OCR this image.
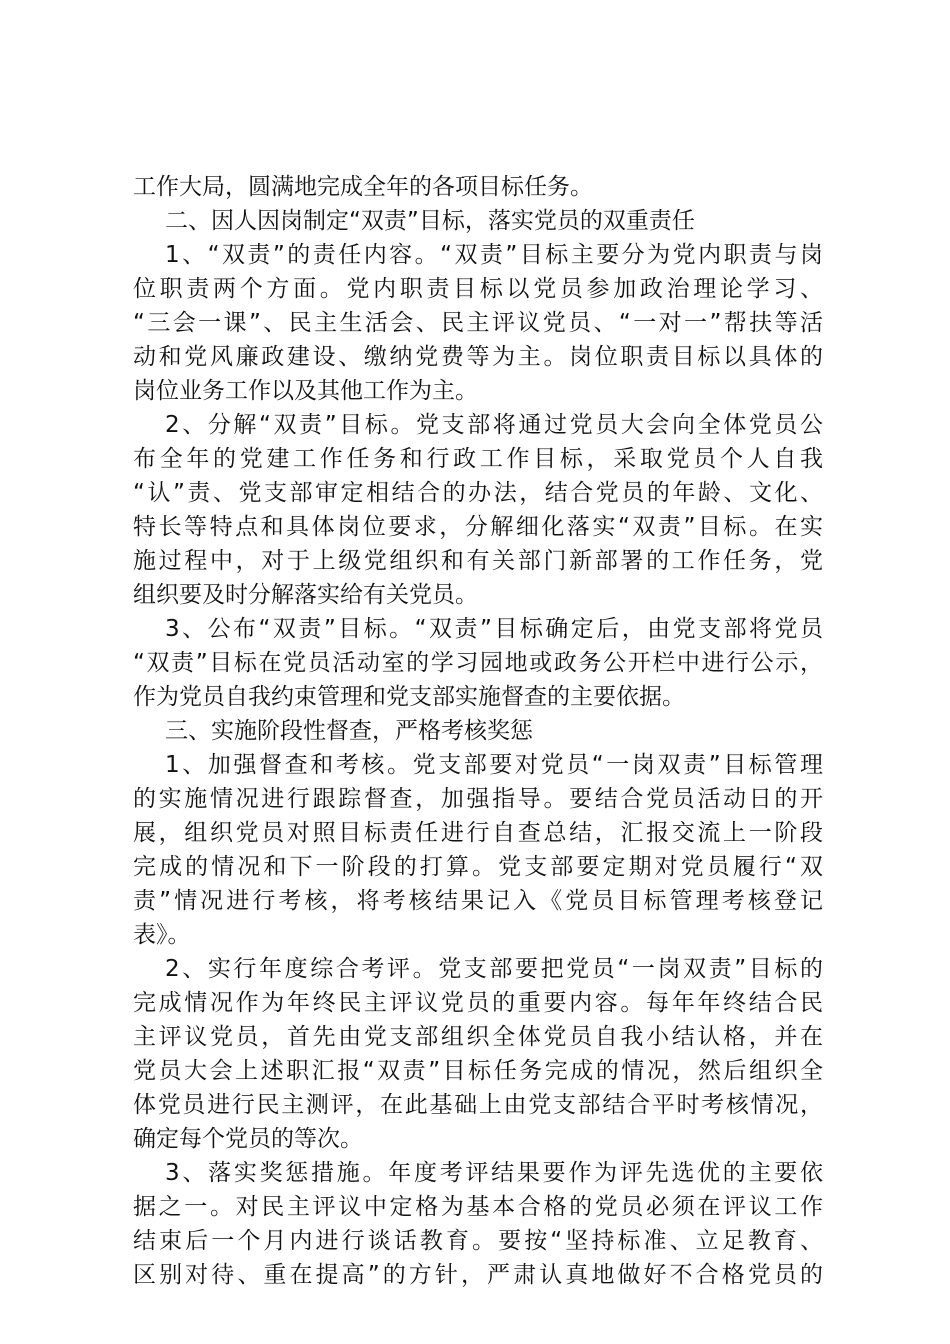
工作大局，圆满地完成全年的各项目标任务。
二、因人因岗制定“双责”目标，落实党员的双重责任
1、“双责”的责任内容。“双责”目标主要分为党内职责与岗
位职责两个方面。党内职责目标以党员参加政治理论学习、
“三会一课”、民主生活会、民主评议党员、“一对一”帮扶等活
动和党风廉政建设、缴纳党费等为主。岗位职责目标以具体的
岗位业务工作以及其他工作为主。
2、分解“双责”目标。党支部将通过党员大会向全体党员公
布全年的党建工作任务和行政工作目标，采取党员个人自我
“认”责、党支部审定相结合的办法，结合党员的年龄、文化、
特长等特点和具体岗位要求，分解细化落实“双责”目标。在实
施过程中，对于上级党组织和有关部门新部署的工作任务，党
组织要及时分解落实给有关党员。
3、公布“双责”目标。“双责”目标确定后，由党支部将党员
“双责”目标在党员活动室的学习园地或政务公开栏中进行公示，
作为党员自我约束管理和党支部实施督查的主要依据。
三、实施阶段性督查，严格考核奖惩
1、加强督查和考核。党支部要对党员“一岗双责”目标管理
的实施情况进行跟踪督查，加强指导。要结合党员活动日的开
展，组织党员对照目标责任进行自查总结，汇报交流上一阶段
完成的情况和下一阶段的打算。党支部要定期对党员履行“双
责”情况进行考核，将考核结果记入《党员目标管理考核登记
表》。
2、实行年度综合考评。党支部要把党员“一岗双责”目标的
完成情况作为年终民主评议党员的重要内容。每年年终结合民
主评议党员，首先由党支部组织全体党员自我小结认格，并在
党员大会上述职汇报“双责”目标任务完成的情况，然后组织全
体党员进行民主测评，在此基础上由党支部结合平时考核情况，
确定每个党员的等次。
3、落实奖惩措施。年度考评结果要作为评先选优的主要依
据之一。对民主评议中定格为基本合格的党员必须在评议工作
结束后一个月内进行谈话教育。要按“坚持标准、立足教育、
区别对待、重在提高”的方针，严肃认真地做好不合格党员的
